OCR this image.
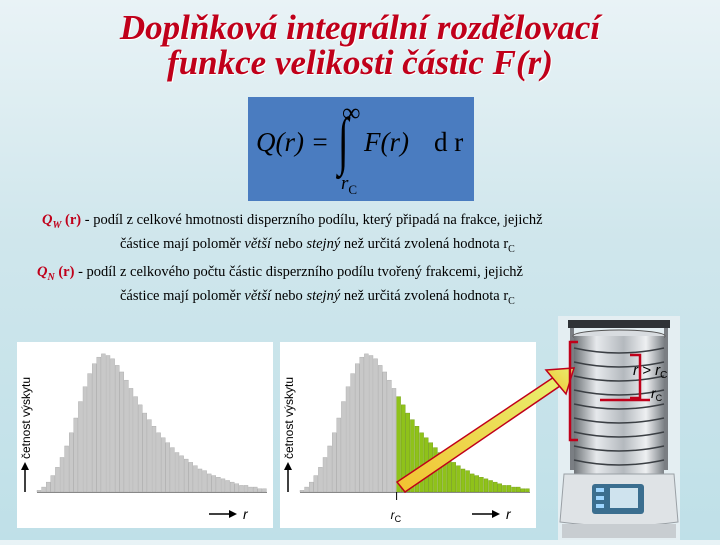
Doplňková integrální rozdělovací
funkce velikosti částic F(r)
Q(r) =
∞
∫
$r_C$
F(r) d r
$Q_W$ (r) - podíl z celkové hmotnosti disperzního podílu, který připadá na frakce, jejichž
částice mají poloměr větší nebo stejný než určitá zvolená hodnota $r_C$
$Q_N$ (r) - podíl z celkového počtu částic disperzního podílu tvořený frakcemi, jejichž
částice mají poloměr větší nebo stejný než určitá zvolená hodnota $r_C$
četnost výskytu
r
četnost výskytu
r
$r_C$
$r > r_C$
$r_C$
